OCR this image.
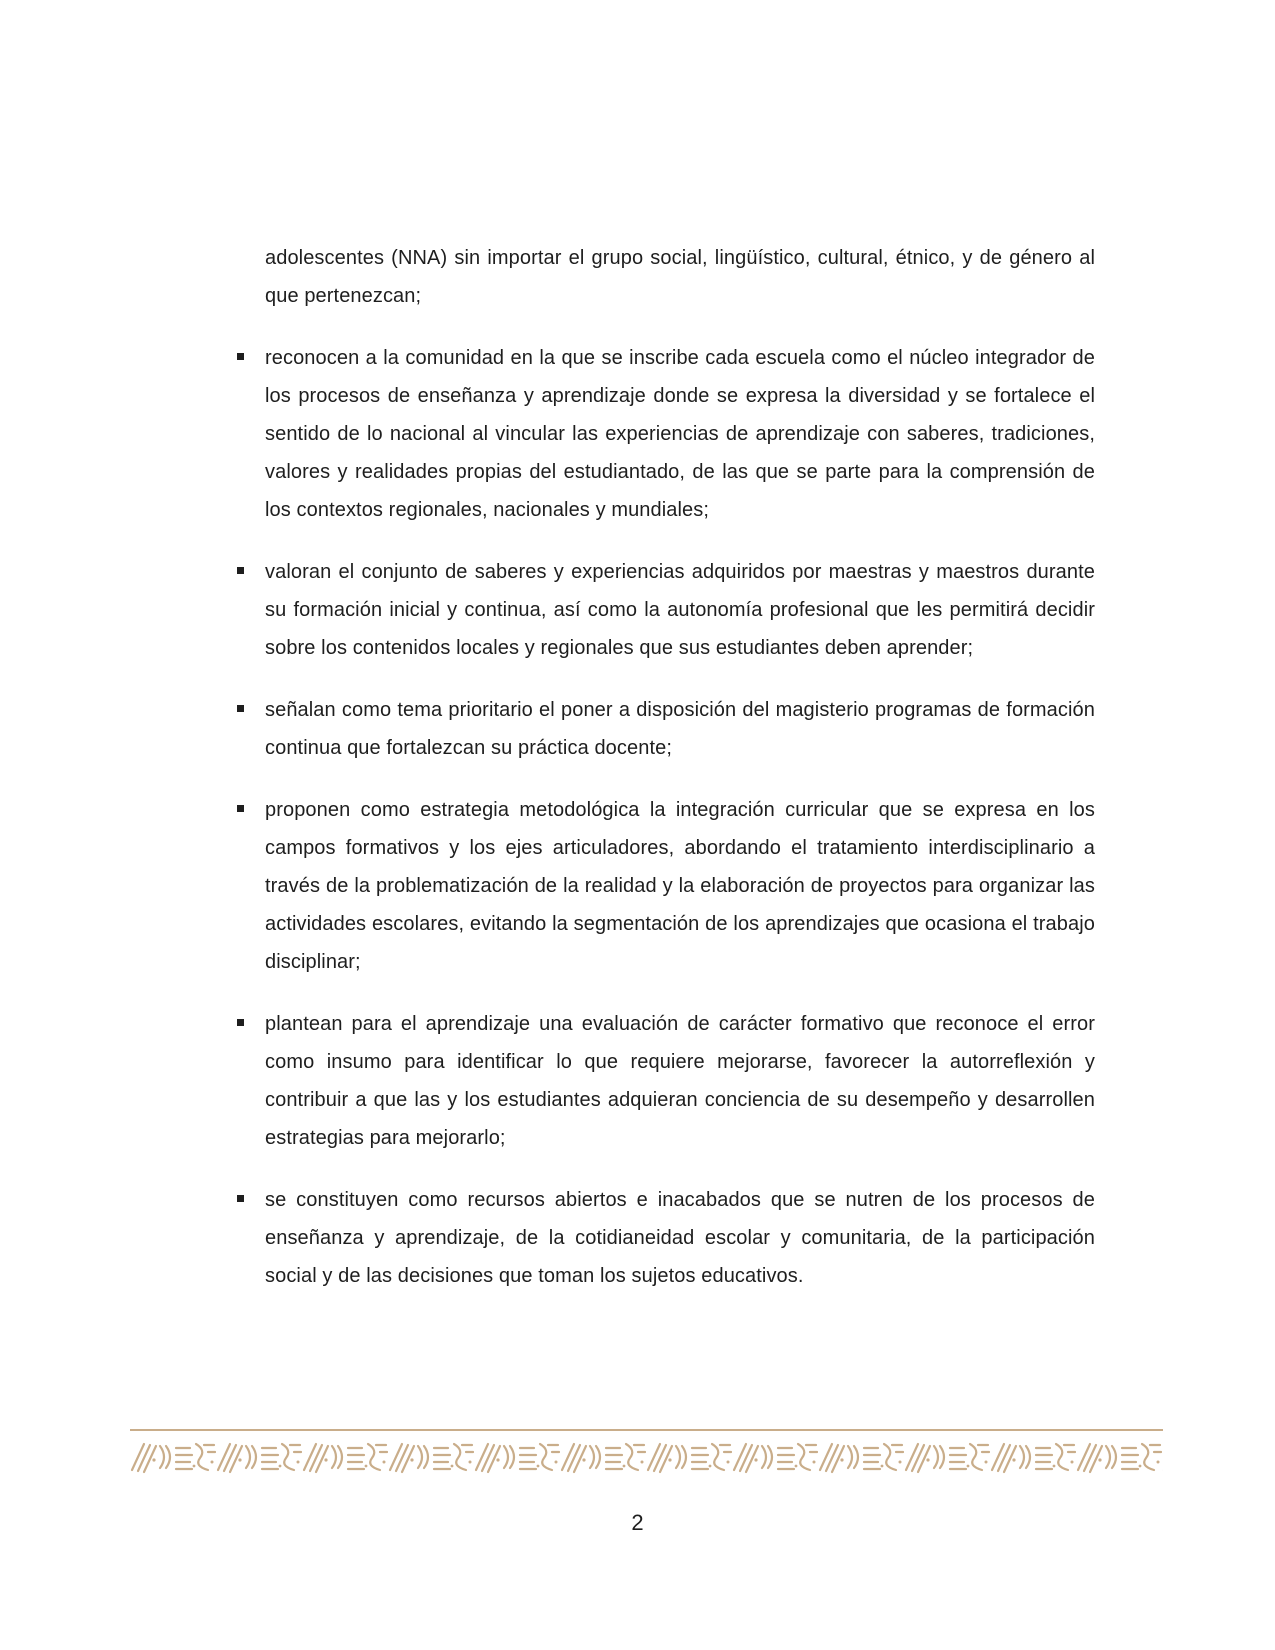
adolescentes (NNA) sin importar el grupo social, lingüístico, cultural, étnico, y de género al que pertenezcan;

reconocen a la comunidad en la que se inscribe cada escuela como el núcleo integrador de los procesos de enseñanza y aprendizaje donde se expresa la diversidad y se fortalece el sentido de lo nacional al vincular las experiencias de aprendizaje con saberes, tradiciones, valores y realidades propias del estudiantado, de las que se parte para la comprensión de los contextos regionales, nacionales y mundiales;

valoran el conjunto de saberes y experiencias adquiridos por maestras y maestros durante su formación inicial y continua, así como la autonomía profesional que les permitirá decidir sobre los contenidos locales y regionales que sus estudiantes deben aprender;

señalan como tema prioritario el poner a disposición del magisterio programas de formación continua que fortalezcan su práctica docente;

proponen como estrategia metodológica la integración curricular que se expresa en los campos formativos y los ejes articuladores, abordando el tratamiento interdisciplinario a través de la problematización de la realidad y la elaboración de proyectos para organizar las actividades escolares, evitando la segmentación de los aprendizajes que ocasiona el trabajo disciplinar;

plantean para el aprendizaje una evaluación de carácter formativo que reconoce el error como insumo para identificar lo que requiere mejorarse, favorecer la autorreflexión y contribuir a que las y los estudiantes adquieran conciencia de su desempeño y desarrollen estrategias para mejorarlo;

se constituyen como recursos abiertos e inacabados que se nutren de los procesos de enseñanza y aprendizaje, de la cotidianeidad escolar y comunitaria, de la participación social y de las decisiones que toman los sujetos educativos.

2
